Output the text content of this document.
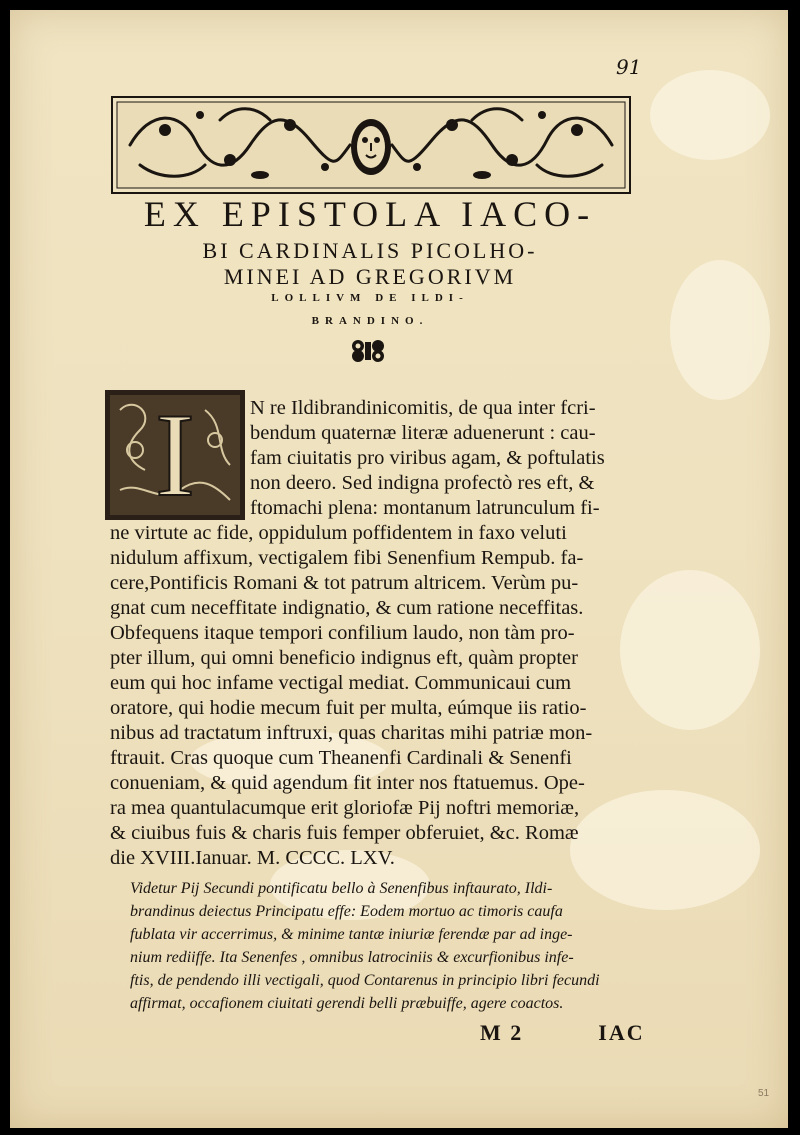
91
EX EPISTOLA IACO-
BI CARDINALIS PICOLHO-
MINEI AD GREGORIVM
LOLLIVM DE ILDI-
BRANDINO.
I	N re Ildibrandinicomitis, de qua inter fcri-
bendum quaternæ literæ aduenerunt : cau-
fam ciuitatis pro viribus agam, & poftulatis
non deero. Sed indigna profectò res eft, &
ftomachi plena: montanum latrunculum fi-
ne virtute ac fide, oppidulum poffidentem in faxo veluti
nidulum affixum, vectigalem fibi Senenfium Rempub. fa-
cere,Pontificis Romani & tot patrum altricem. Verùm pu-
gnat cum neceffitate indignatio, & cum ratione neceffitas.
Obfequens itaque tempori confilium laudo, non tàm pro-
pter illum, qui omni beneficio indignus eft, quàm propter
eum qui hoc infame vectigal mediat. Communicaui cum
oratore, qui hodie mecum fuit per multa, eúmque iis ratio-
nibus ad tractatum inftruxi, quas charitas mihi patriæ mon-
ftrauit. Cras quoque cum Theanenfi Cardinali & Senenfi
conueniam, & quid agendum fit inter nos ftatuemus. Ope-
ra mea quantulacumque erit gloriofæ Pij noftri memoriæ,
& ciuibus fuis & charis fuis femper obferuiet, &c. Romæ
die XVIII.Ianuar. M. CCCC. LXV.
Videtur Pij Secundi pontificatu bello à Senenfibus inftaurato, Ildi-
brandinus deiectus Principatu effe: Eodem mortuo ac timoris caufa
fublata vir accerrimus, & minime tantæ iniuriæ ferendæ par ad inge-
nium rediiffe. Ita Senenfes , omnibus latrociniis & excurfionibus infe-
ftis, de pendendo illi vectigali, quod Contarenus in principio libri fecundi
affirmat, occafionem ciuitati gerendi belli præbuiffe, agere coactos.
M 2	IAC
51
